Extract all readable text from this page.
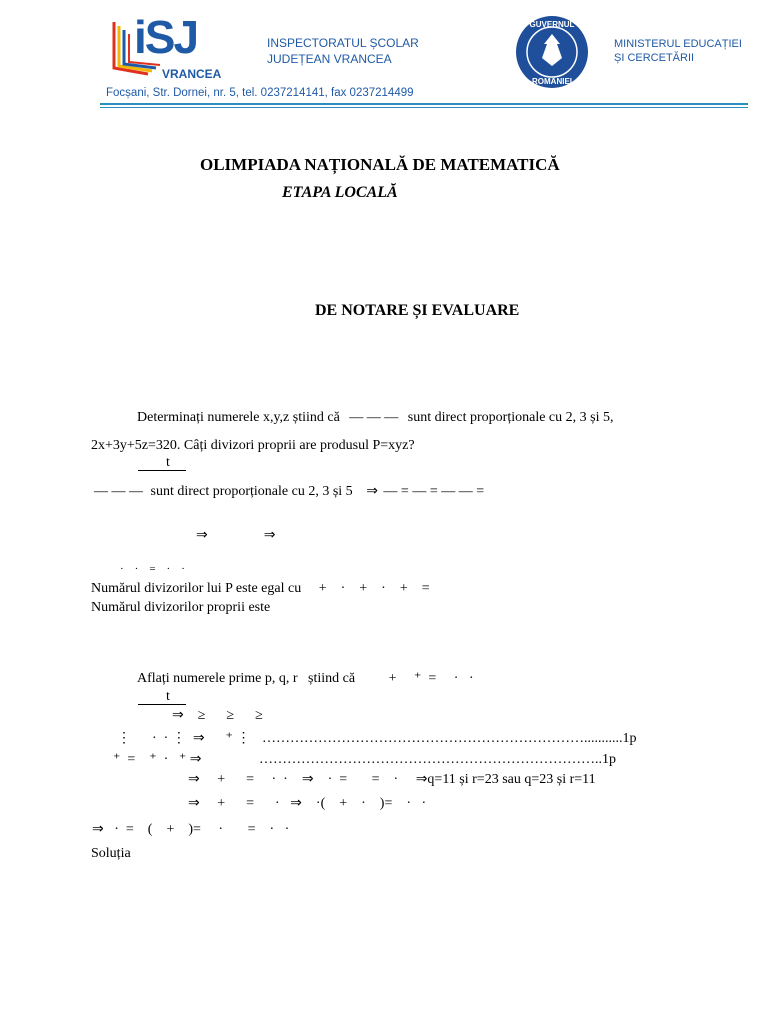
iSJ
VRANCEA
INSPECTORATUL ȘCOLAR
JUDEȚEAN VRANCEA
GUVERNUL
ROMÂNIEI
MINISTERUL EDUCAȚIEI
ȘI CERCETĂRII
Focșani, Str. Dornei, nr. 5, tel. 0237214141, fax 0237214499
OLIMPIADA NAȚIONALĂ DE MATEMATICĂ
ETAPA LOCALĂ
DE NOTARE ȘI EVALUARE
Determinați numerele x,y,z știind că — — — sunt direct proporționale cu 2, 3 și 5,
2x+3y+5z=320. Câți divizori proprii are produsul P=xyz?
t
— — — sunt direct proporționale cu 2, 3 și 5 ⇒ — = — = — — =
⇒                ⇒
·    ·    =    ·    ·
Numărul divizorilor lui P este egal cu +    ·    +    ·    +    =
Numărul divizorilor proprii este
Aflați numerele prime p, q, r   știind că +     ⁺  =     ·   ·
t
⇒    ≥      ≥      ≥
⋮      ·  · ⋮  ⇒      ⁺ ⋮ ……………………………………………………………...........1p
⁺  =    ⁺  ·   ⁺ ⇒	………………………………………………………………..1p
⇒     +      =     ·  ·    ⇒    ·  =       =    ·     ⇒q=11 și r=23 sau q=23 și r=11
⇒     +      =      ·   ⇒    ·(    +    ·    )=    ·   ·
⇒   ·  =    (    +    )=     ·       =    ·   ·
Soluția
